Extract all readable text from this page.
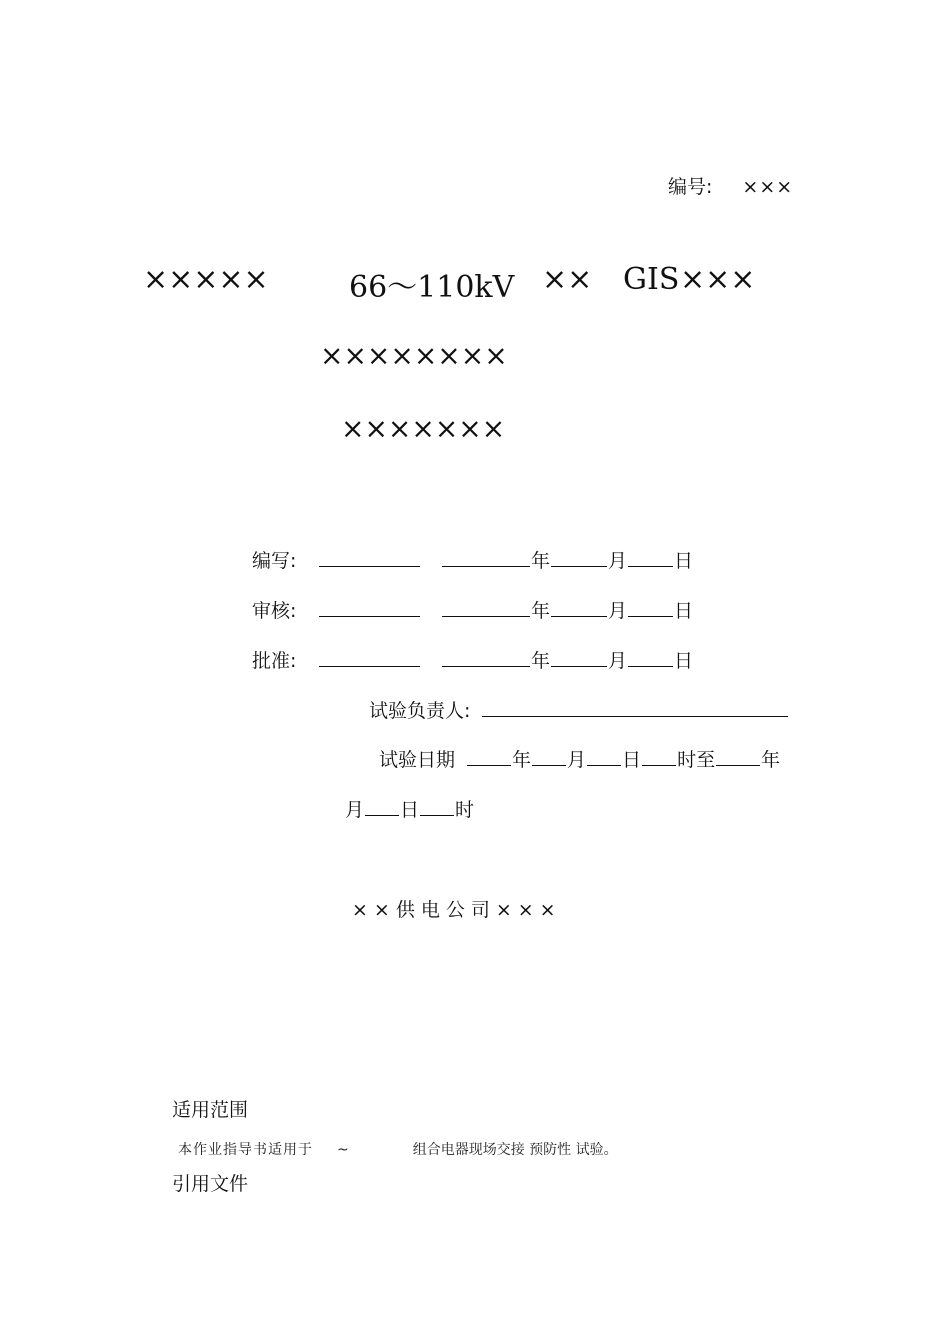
编号: ×××
×××××	66～110kV ×× GIS ×××
××××××××
×××××××
编写:	年	月 日
审核:	年	月 日
批准:	年	月 日
试验负责人:
试验日期	年 月 日 时至 年
月 日 时
××供电公司×××
适用范围
本作业指导书适用于 ~	组合电器现场交接 预防性 试验。
引用文件
